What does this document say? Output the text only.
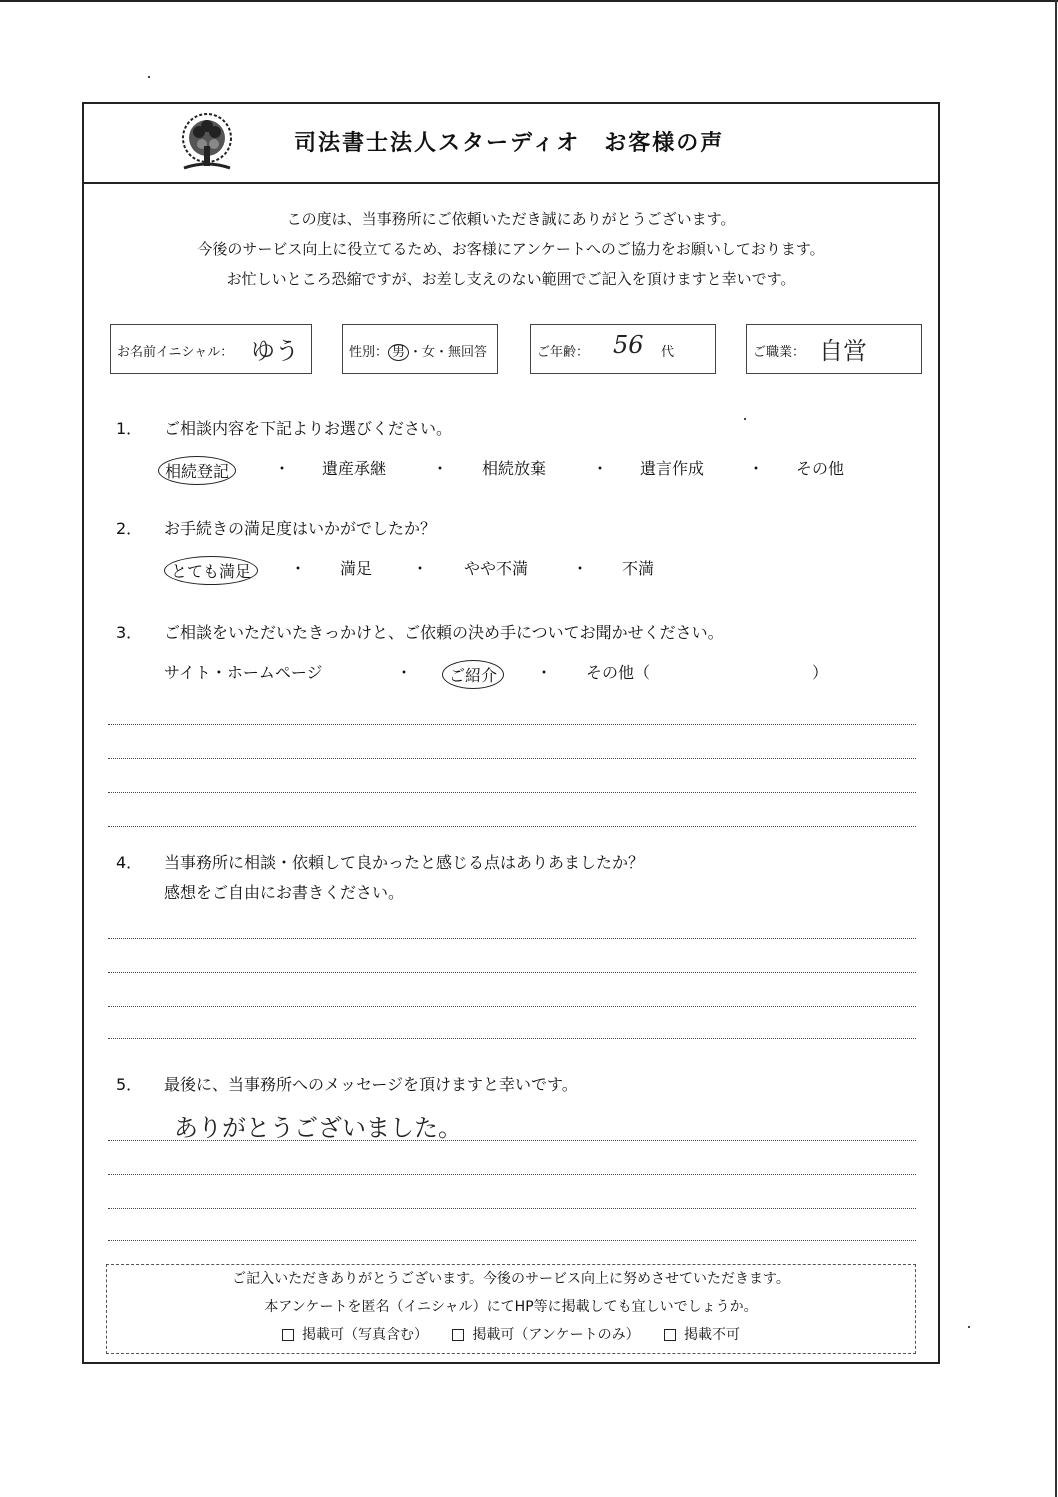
司法書士法人スターディオ　お客様の声
この度は、当事務所にご依頼いただき誠にありがとうございます。
今後のサービス向上に役立てるため、お客様にアンケートへのご協力をお願いしております。
お忙しいところ恐縮ですが、お差し支えのない範囲でご記入を頂けますと幸いです。
お名前イニシャル： ゆう	性別： 男 ・女・無回答	ご年齢： 56 代	ご職業： 自営
1． ご相談内容を下記よりお選びください。
相続登記	・ 遺産承継	・ 相続放棄	・ 遺言作成	・ その他
2． お手続きの満足度はいかがでしたか？
とても満足	・ 満足 ・ やや不満	・ 不満
3． ご相談をいただいたきっかけと、ご依頼の決め手についてお聞かせください。
サイト・ホームページ	・	ご紹介	・ その他（	）
4． 当事務所に相談・依頼して良かったと感じる点はありあましたか？
感想をご自由にお書きください。
5． 最後に、当事務所へのメッセージを頂けますと幸いです。
ありがとうございました。
ご記入いただきありがとうございます。今後のサービス向上に努めさせていただきます。
本アンケートを匿名（イニシャル）にてHP等に掲載しても宜しいでしょうか。
掲載可（写真含む）	掲載可（アンケートのみ）	掲載不可
